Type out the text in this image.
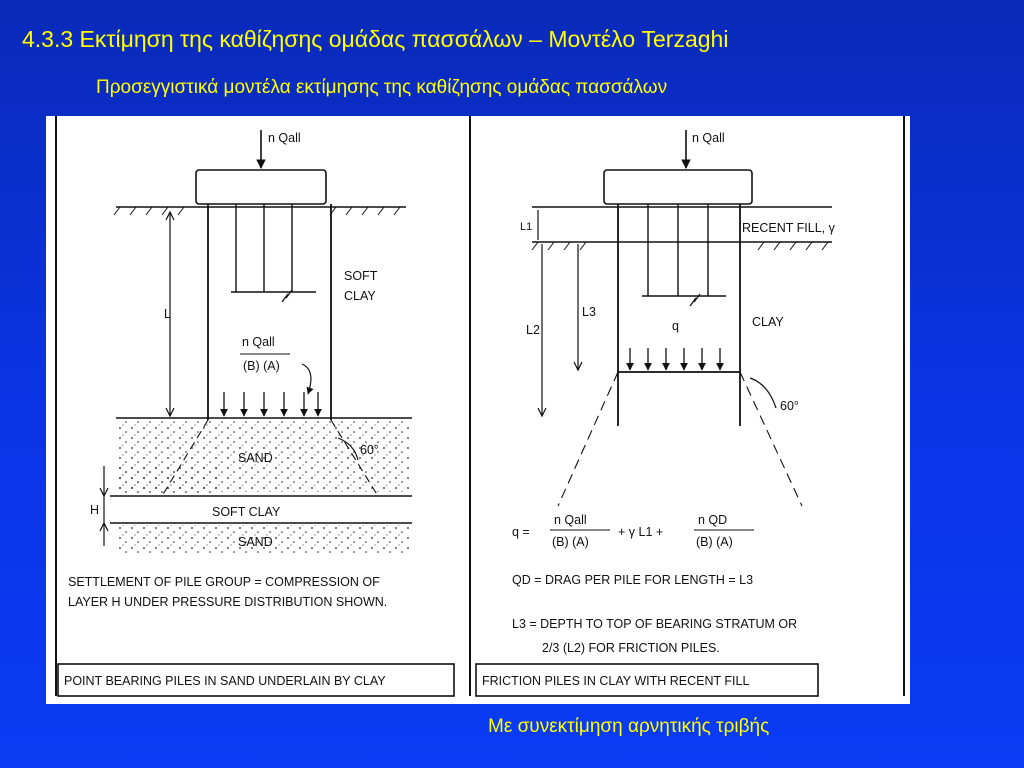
4.3.3 Εκτίμηση της καθίζησης ομάδας πασσάλων – Μοντέλο Terzaghi
Προσεγγιστικά μοντέλα εκτίμησης της καθίζησης ομάδας πασσάλων
n Qall
SOFT
CLAY
L
n Qall
(B) (A)
SAND
60°
SOFT CLAY
SAND
H
SETTLEMENT OF PILE GROUP = COMPRESSION OF
LAYER H UNDER PRESSURE DISTRIBUTION SHOWN.
POINT BEARING PILES IN SAND UNDERLAIN BY CLAY
n Qall
RECENT FILL, γ
L1
L2
L3
q	CLAY
60°
q =
n Qall
(B) (A)
+ γ L1 +
n QD
(B) (A)
QD = DRAG PER PILE FOR LENGTH = L3
L3 = DEPTH TO TOP OF BEARING STRATUM OR
2/3 (L2) FOR FRICTION PILES.
FRICTION PILES IN CLAY WITH RECENT FILL
Με συνεκτίμηση αρνητικής τριβής
